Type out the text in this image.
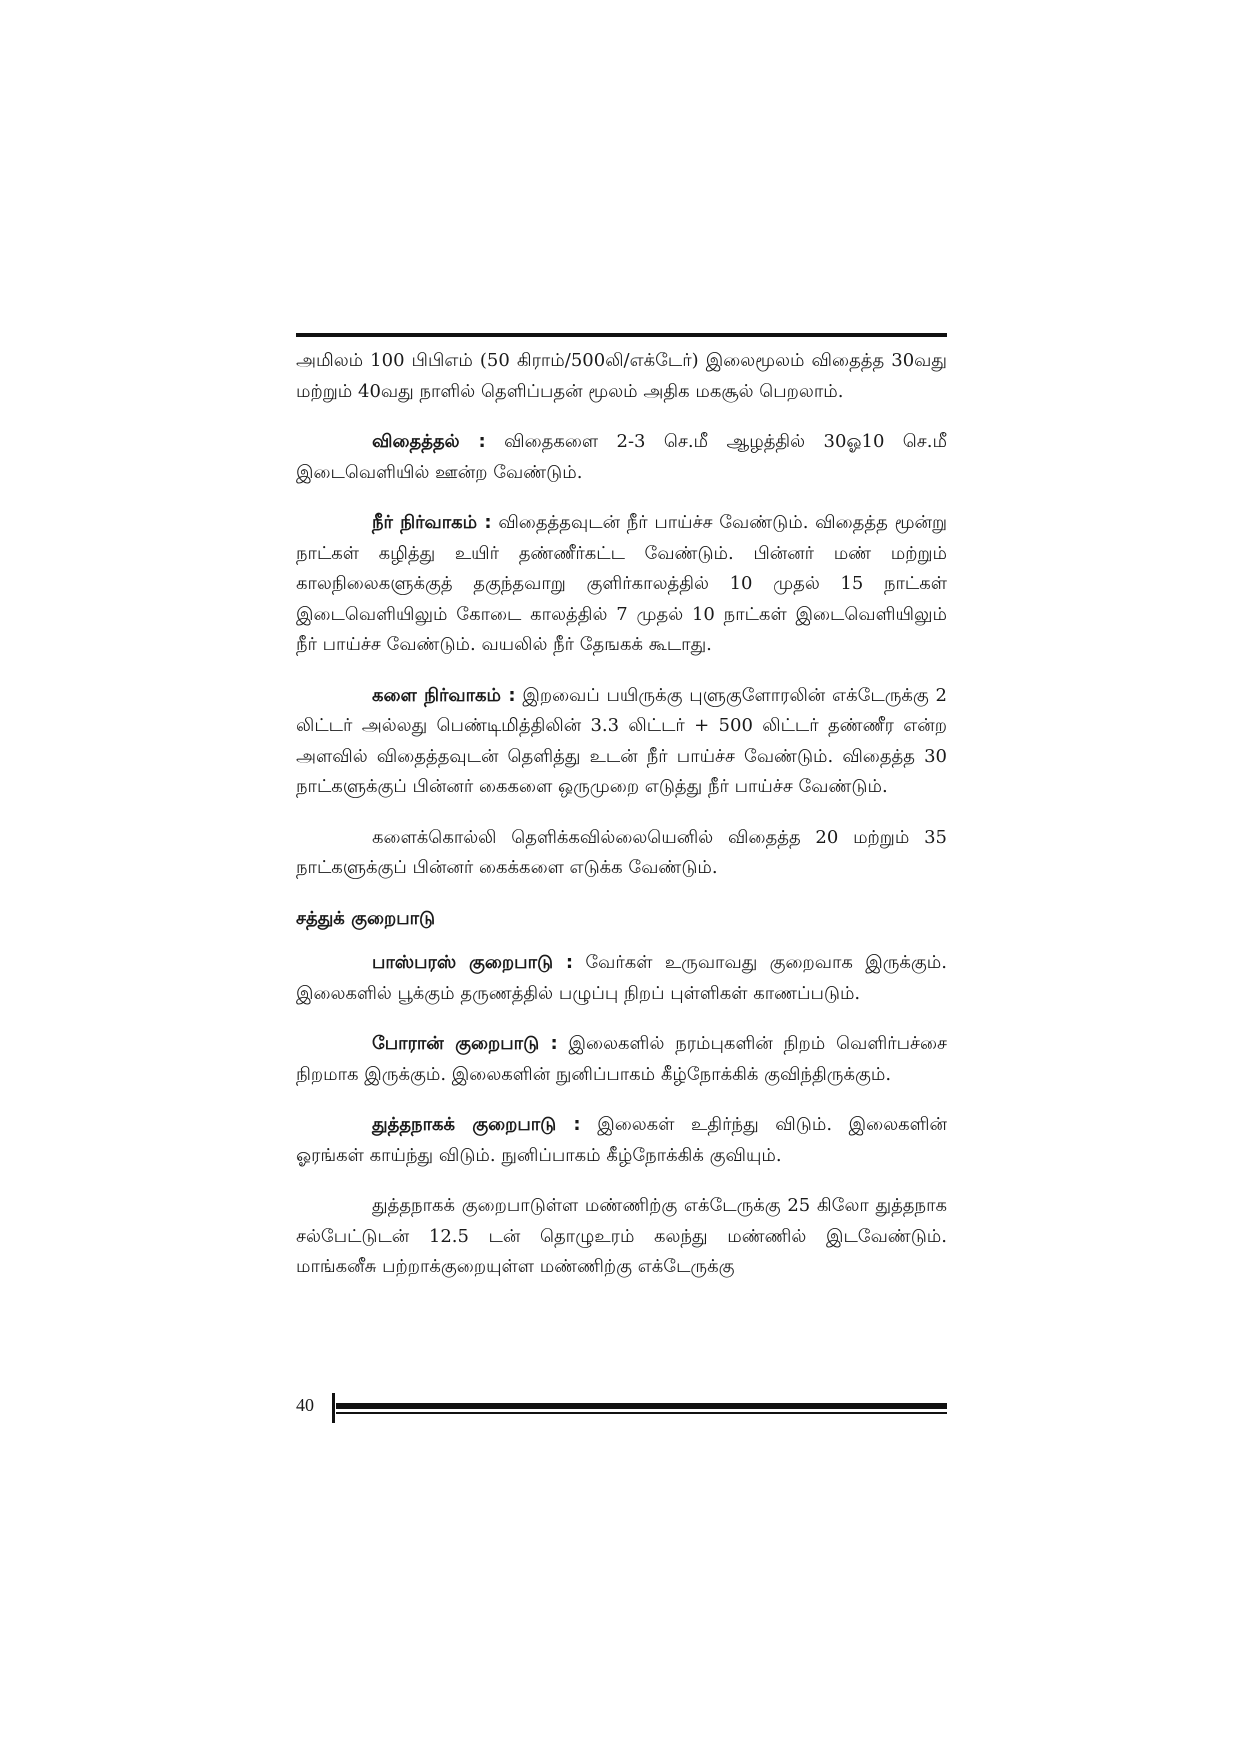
அமிலம் 100 பிபிஎம் (50 கிராம்/500லி/எக்டேர்) இலைமூலம் விதைத்த 30வது மற்றும் 40வது நாளில் தெளிப்பதன் மூலம் அதிக மகசூல் பெறலாம்.

விதைத்தல் : விதைகளை 2-3 செ.மீ ஆழத்தில் 30ஓ10 செ.மீ இடைவெளியில் ஊன்ற வேண்டும்.

நீர் நிர்வாகம் : விதைத்தவுடன் நீர் பாய்ச்ச வேண்டும். விதைத்த மூன்று நாட்கள் கழித்து உயிர் தண்ணீர்கட்ட வேண்டும். பின்னர் மண் மற்றும் காலநிலைகளுக்குத் தகுந்தவாறு குளிர்காலத்தில் 10 முதல் 15 நாட்கள் இடைவெளியிலும் கோடை காலத்தில் 7 முதல் 10 நாட்கள் இடைவெளியிலும் நீர் பாய்ச்ச வேண்டும். வயலில் நீர் தேஙகக் கூடாது.

களை நிர்வாகம் : இறவைப் பயிருக்கு புளுகுளோரலின் எக்டேருக்கு 2 லிட்டர் அல்லது பெண்டிமித்திலின் 3.3 லிட்டர் + 500 லிட்டர் தண்ணீர என்ற அளவில் விதைத்தவுடன் தெளித்து உடன் நீர் பாய்ச்ச வேண்டும். விதைத்த 30 நாட்களுக்குப் பின்னர் கைகளை ஒருமுறை எடுத்து நீர் பாய்ச்ச வேண்டும்.

களைக்கொல்லி தெளிக்கவில்லையெனில் விதைத்த 20 மற்றும் 35 நாட்களுக்குப் பின்னர் கைக்களை எடுக்க வேண்டும்.

சத்துக் குறைபாடு

பாஸ்பரஸ் குறைபாடு : வேர்கள் உருவாவது குறைவாக இருக்கும். இலைகளில் பூக்கும் தருணத்தில் பழுப்பு நிறப் புள்ளிகள் காணப்படும்.

போரான் குறைபாடு : இலைகளில் நரம்புகளின் நிறம் வெளிர்பச்சை நிறமாக இருக்கும். இலைகளின் நுனிப்பாகம் கீழ்நோக்கிக் குவிந்திருக்கும்.

துத்தநாகக் குறைபாடு : இலைகள் உதிர்ந்து விடும். இலைகளின் ஓரங்கள் காய்ந்து விடும். நுனிப்பாகம் கீழ்நோக்கிக் குவியும்.

துத்தநாகக் குறைபாடுள்ள மண்ணிற்கு எக்டேருக்கு 25 கிலோ துத்தநாக சல்பேட்டுடன் 12.5 டன் தொழுஉரம் கலந்து மண்ணில் இடவேண்டும். மாங்கனீசு பற்றாக்குறையுள்ள மண்ணிற்கு எக்டேருக்கு

40
